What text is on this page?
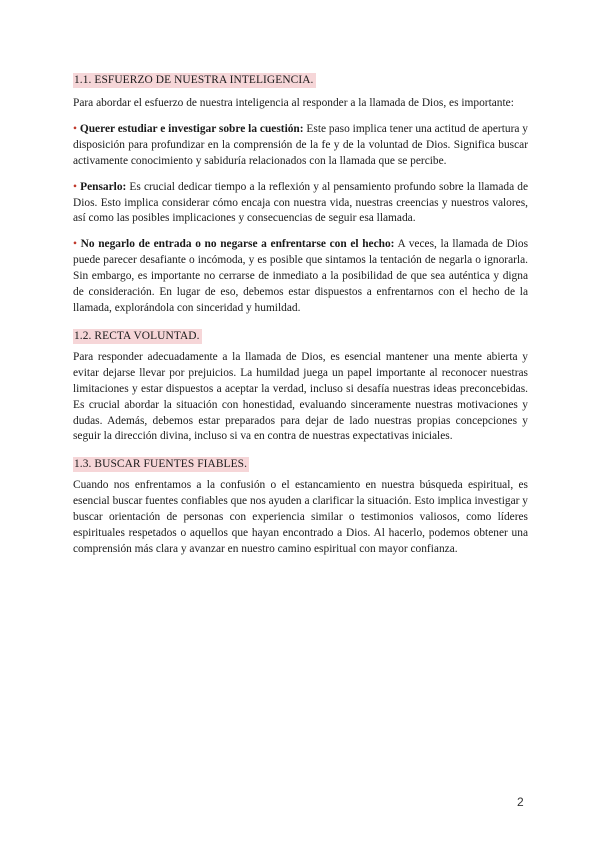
1.1. ESFUERZO DE NUESTRA INTELIGENCIA.

Para abordar el esfuerzo de nuestra inteligencia al responder a la llamada de Dios, es importante:

• Querer estudiar e investigar sobre la cuestión: Este paso implica tener una actitud de apertura y disposición para profundizar en la comprensión de la fe y de la voluntad de Dios. Significa buscar activamente conocimiento y sabiduría relacionados con la llamada que se percibe.

• Pensarlo: Es crucial dedicar tiempo a la reflexión y al pensamiento profundo sobre la llamada de Dios. Esto implica considerar cómo encaja con nuestra vida, nuestras creencias y nuestros valores, así como las posibles implicaciones y consecuencias de seguir esa llamada.

• No negarlo de entrada o no negarse a enfrentarse con el hecho: A veces, la llamada de Dios puede parecer desafiante o incómoda, y es posible que sintamos la tentación de negarla o ignorarla. Sin embargo, es importante no cerrarse de inmediato a la posibilidad de que sea auténtica y digna de consideración. En lugar de eso, debemos estar dispuestos a enfrentarnos con el hecho de la llamada, explorándola con sinceridad y humildad.

1.2. RECTA VOLUNTAD.

Para responder adecuadamente a la llamada de Dios, es esencial mantener una mente abierta y evitar dejarse llevar por prejuicios. La humildad juega un papel importante al reconocer nuestras limitaciones y estar dispuestos a aceptar la verdad, incluso si desafía nuestras ideas preconcebidas. Es crucial abordar la situación con honestidad, evaluando sinceramente nuestras motivaciones y dudas. Además, debemos estar preparados para dejar de lado nuestras propias concepciones y seguir la dirección divina, incluso si va en contra de nuestras expectativas iniciales.

1.3. BUSCAR FUENTES FIABLES.

Cuando nos enfrentamos a la confusión o el estancamiento en nuestra búsqueda espiritual, es esencial buscar fuentes confiables que nos ayuden a clarificar la situación. Esto implica investigar y buscar orientación de personas con experiencia similar o testimonios valiosos, como líderes espirituales respetados o aquellos que hayan encontrado a Dios. Al hacerlo, podemos obtener una comprensión más clara y avanzar en nuestro camino espiritual con mayor confianza.

2
